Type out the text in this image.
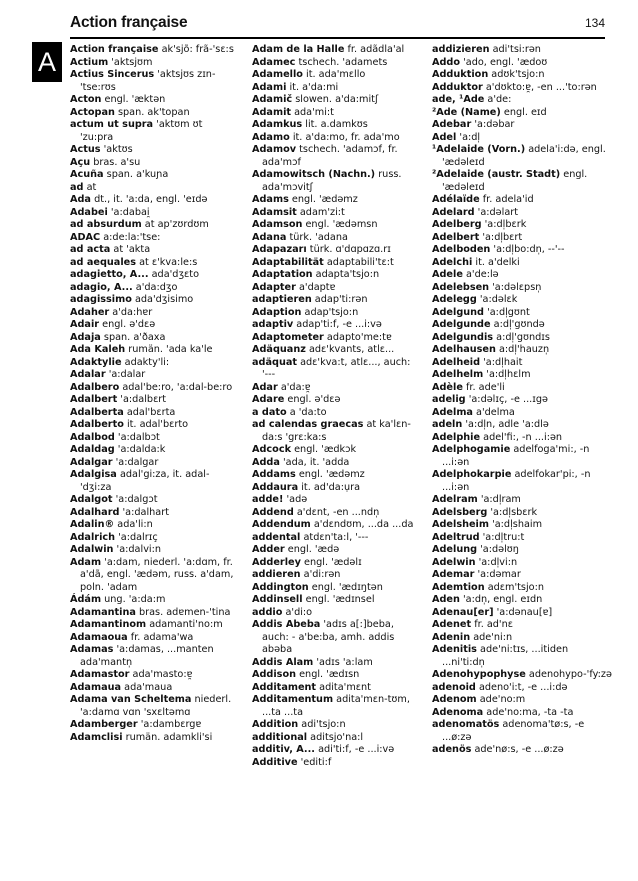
Action française	134
A	Action française ak'sjõ: frã-'sɛ:s
Actium 'aktsjʊm
Actius Sincerus 'aktsjʊs zɪn-'tse:rʊs
Acton engl. 'æktən
Actopan span. ak'topan
actum ut supra 'aktʊm ʊt 'zu:pra
Actus 'aktʊs
Açu bras. a'su
Acuña span. a'kuɲa
ad at
Ada dt., it. 'a:da, engl. 'eɪdə
Adabei 'a:dabai̯
ad absurdum at ap'zʊrdʊm
ADAC a:de:la:'tse:
ad acta at 'akta
ad aequales at ɛ'kva:le:s
adagietto, A... ada'dʒɛto
adagio, A... a'da:dʒo
adagissimo ada'dʒisimo
Adaher a'da:hɐr
Adair engl. ə'dɛə
Adaja span. a'ðaxa
Ada Kaleh rumän. 'ada ka'le
Adaktylie adakty'li:
Adalar 'a:dalar
Adalbero adal'be:ro, 'a:dal-be:ro
Adalbert 'a:dalbɛrt
Adalberta adal'bɛrta
Adalberto it. adal'bɛrto
Adalbod 'a:dalbɔt
Adaldag 'a:dalda:k
Adalgar 'a:dalgar
Adalgisa adal'gi:za, it. adal-'dʒi:za
Adalgot 'a:dalgɔt
Adalhard 'a:dalhart
Adalin® ada'li:n
Adalrich 'a:dalrɪç
Adalwin 'a:dalvi:n
Adam 'a:dam, niederl. 'a:dɑm, fr. a'dã, engl. 'ædəm, russ. a'dam, poln. 'adam
Ádám ung. 'a:da:m
Adamantina bras. adɐmen-'tina
Adamantinom adamanti'no:m
Adamaoua fr. adama'wa
Adamas 'a:damas, ...manten ada'mantn̩
Adamastor ada'masto:ɐ̯
Adamaua ada'maua
Adama van Scheltema niederl. 'a:damɑ vɑn 'sxɛltəmɑ
Adamberger 'a:dambɛrgɐ
Adamclisi rumän. adamkli'si
Adam de la Halle fr. adãdla'al
Adamec tschech. 'adamets
Adamello it. ada'mɛllo
Adami it. a'da:mi
Adamič slowen. a'da:mitʃ
Adamit ada'mi:t
Adamkus lit. a.damkʊs
Adamo it. a'da:mo, fr. ada'mo
Adamov tschech. 'adamɔf, fr. ada'mɔf
Adamowitsch (Nachn.) russ. ada'mɔvitʃ
Adams engl. 'ædəmz
Adamsit adam'zi:t
Adamson engl. 'ædəmsn
Adana türk. 'adana
Adapazarı türk. ɑ'dɑpɑzɑ.rɪ
Adaptabilität adaptabili'tɛ:t
Adaptation adapta'tsjo:n
Adapter a'daptɐ
adaptieren adap'ti:rən
Adaption adap'tsjo:n
adaptiv adap'ti:f, -e ...i:və
Adaptometer adapto'me:tɐ
Adäquanz adɛ'kvants, atlɛ...
adäquat adɛ'kva:t, atlɛ..., auch: '---
Adar a'da:ɐ̯
Adare engl. ə'dɛə
a dato a 'da:to
ad calendas graecas at ka'lɛn-da:s 'grɛ:ka:s
Adcock engl. 'ædkɔk
Adda 'ada, it. 'adda
Addams engl. 'ædəmz
Addaura it. ad'da:ụra
adde! 'adə
Addend a'dɛnt, -en ...ndn̩
Addendum a'dɛndʊm, ...da ...da
addental atdɛn'ta:l, '---
Adder engl. 'ædə
Adderley engl. 'ædəlɪ
addieren a'di:rən
Addington engl. 'ædɪŋtən
Addinsell engl. 'ædɪnsel
addio a'di:o
Addis Abeba 'adɪs a[:]beba, auch: - a'be:ba, amh. addis abəba
Addis Alam 'adɪs 'a:lam
Addison engl. 'ædɪsn
Additament adita'mɛnt
Additamentum adita'mɛn-tʊm, ...ta ...ta
Addition adi'tsjo:n
additional aditsjo'na:l
additiv, A... adi'ti:f, -e ...i:və
Additive 'editi:f
addizieren adi'tsi:rən
Addo 'ado, engl. 'ædoʊ
Adduktion adʊk'tsjo:n
Adduktor a'dʊkto:ɐ̯, -en ...'to:rən
ade, ¹Ade a'de:
²Ade (Name) engl. eɪd
Adebar 'a:dəbar
Adel 'a:dl̩
¹Adelaide (Vorn.) adela'i:də, engl. 'ædəleɪd
²Adelaide (austr. Stadt) engl. 'ædəleɪd
Adélaïde fr. adela'id
Adelard 'a:dəlart
Adelberg 'a:dl̩bɛrk
Adelbert 'a:dl̩bɛrt
Adelboden 'a:dl̩bo:dn̩, --'--
Adelchi it. a'delki
Adele a'de:lə
Adelebsen 'a:dəlɛpsn̩
Adelegg 'a:dəlɛk
Adelgund 'a:dl̩gʊnt
Adelgunde a:dl̩'gʊndə
Adelgundis a:dl̩'gʊndɪs
Adelhausen a:dl̩'hauzn̩
Adelheid 'a:dl̩hait
Adelhelm 'a:dl̩hɛlm
Adèle fr. ade'li
adelig 'a:dəlɪç, -e ...ɪgə
Adelma a'delma
adeln 'a:dl̩n, adle 'a:dlə
Adelphie adel'fi:, -n ...i:ən
Adelphogamie adelfoga'mi:, -n ...i:ən
Adelphokarpie adelfokar'pi:, -n ...i:ən
Adelram 'a:dl̩ram
Adelsberg 'a:dl̩sbɛrk
Adelsheim 'a:dl̩shaim
Adeltrud 'a:dl̩tru:t
Adelung 'a:dəlʊŋ
Adelwin 'a:dl̩vi:n
Ademar 'a:dəmar
Ademtion adɛm'tsjo:n
Aden 'a:dn̩, engl. eɪdn
Adenau[er] 'a:dənau[ɐ]
Adenet fr. ad'nɛ
Adenin ade'ni:n
Adenitis ade'ni:tɪs, ...itiden ...ni'ti:dn̩
Adenohypophyse adenohypo-'fy:zə
adenoid adeno'i:t, -e ...i:də
Adenom ade'no:m
Adenoma ade'no:ma, -ta -ta
adenomatös adenoma'tø:s, -e ...ø:zə
adenös ade'nø:s, -e ...ø:zə
